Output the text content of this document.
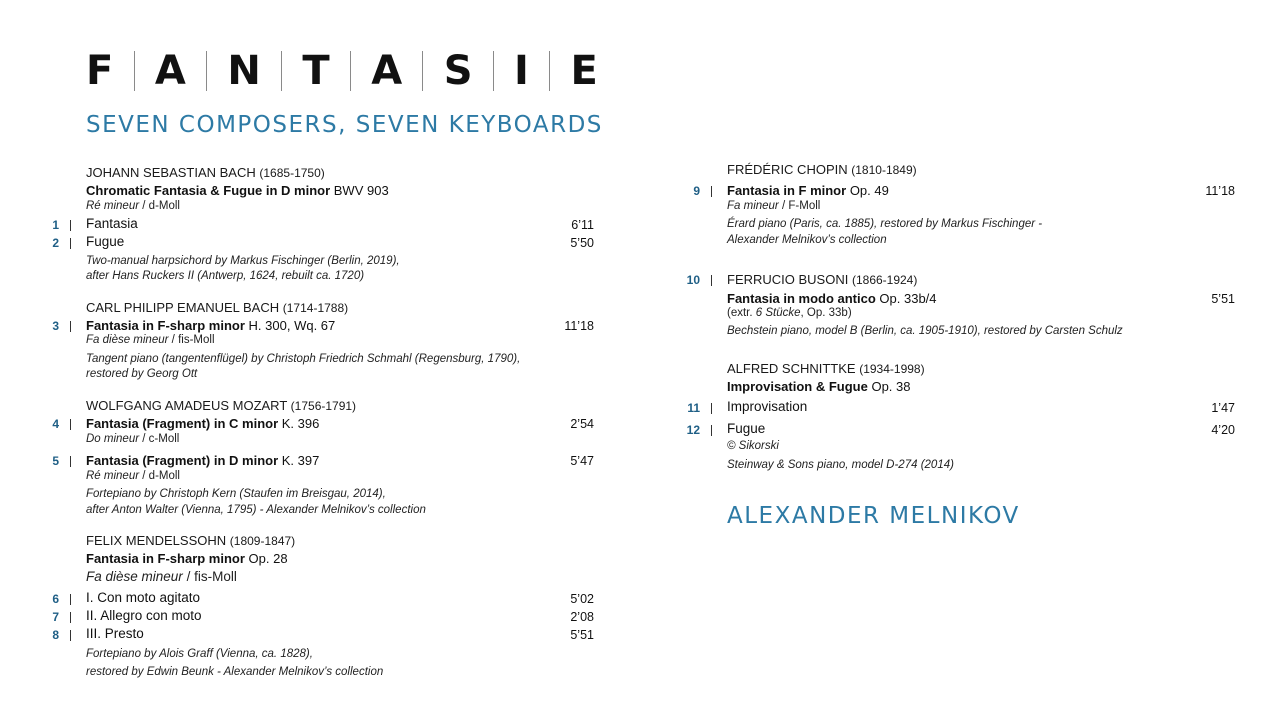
F A N T A S I E
SEVEN COMPOSERS, SEVEN KEYBOARDS
JOHANN SEBASTIAN BACH (1685-1750)
Chromatic Fantasia & Fugue in D minor BWV 903
Ré mineur / d-Moll
1 Fantasia	6’11
2 Fugue	5’50
Two-manual harpsichord by Markus Fischinger (Berlin, 2019),
after Hans Ruckers II (Antwerp, 1624, rebuilt ca. 1720)
CARL PHILIPP EMANUEL BACH (1714-1788)
3 Fantasia in F-sharp minor H. 300, Wq. 67	11’18
Fa dièse mineur / fis-Moll
Tangent piano (tangentenflügel) by Christoph Friedrich Schmahl (Regensburg, 1790),
restored by Georg Ott
WOLFGANG AMADEUS MOZART (1756-1791)
4 Fantasia (Fragment) in C minor K. 396	2’54
Do mineur / c-Moll
5 Fantasia (Fragment) in D minor K. 397	5’47
Ré mineur / d-Moll
Fortepiano by Christoph Kern (Staufen im Breisgau, 2014),
after Anton Walter (Vienna, 1795) - Alexander Melnikov’s collection
FELIX MENDELSSOHN (1809-1847)
Fantasia in F-sharp minor Op. 28
Fa dièse mineur / fis-Moll
6 I. Con moto agitato	5’02
7 II. Allegro con moto	2’08
8 III. Presto	5’51
Fortepiano by Alois Graff (Vienna, ca. 1828),
restored by Edwin Beunk - Alexander Melnikov’s collection
FRÉDÉRIC CHOPIN (1810-1849)
9 Fantasia in F minor Op. 49	11’18
Fa mineur / F-Moll
Érard piano (Paris, ca. 1885), restored by Markus Fischinger -
Alexander Melnikov’s collection
10 FERRUCIO BUSONI (1866-1924)
Fantasia in modo antico Op. 33b/4	5’51
(extr. 6 Stücke, Op. 33b)
Bechstein piano, model B (Berlin, ca. 1905-1910), restored by Carsten Schulz
ALFRED SCHNITTKE (1934-1998)
Improvisation & Fugue Op. 38
11 Improvisation	1’47
12 Fugue	4’20
© Sikorski
Steinway & Sons piano, model D-274 (2014)
ALEXANDER MELNIKOV
